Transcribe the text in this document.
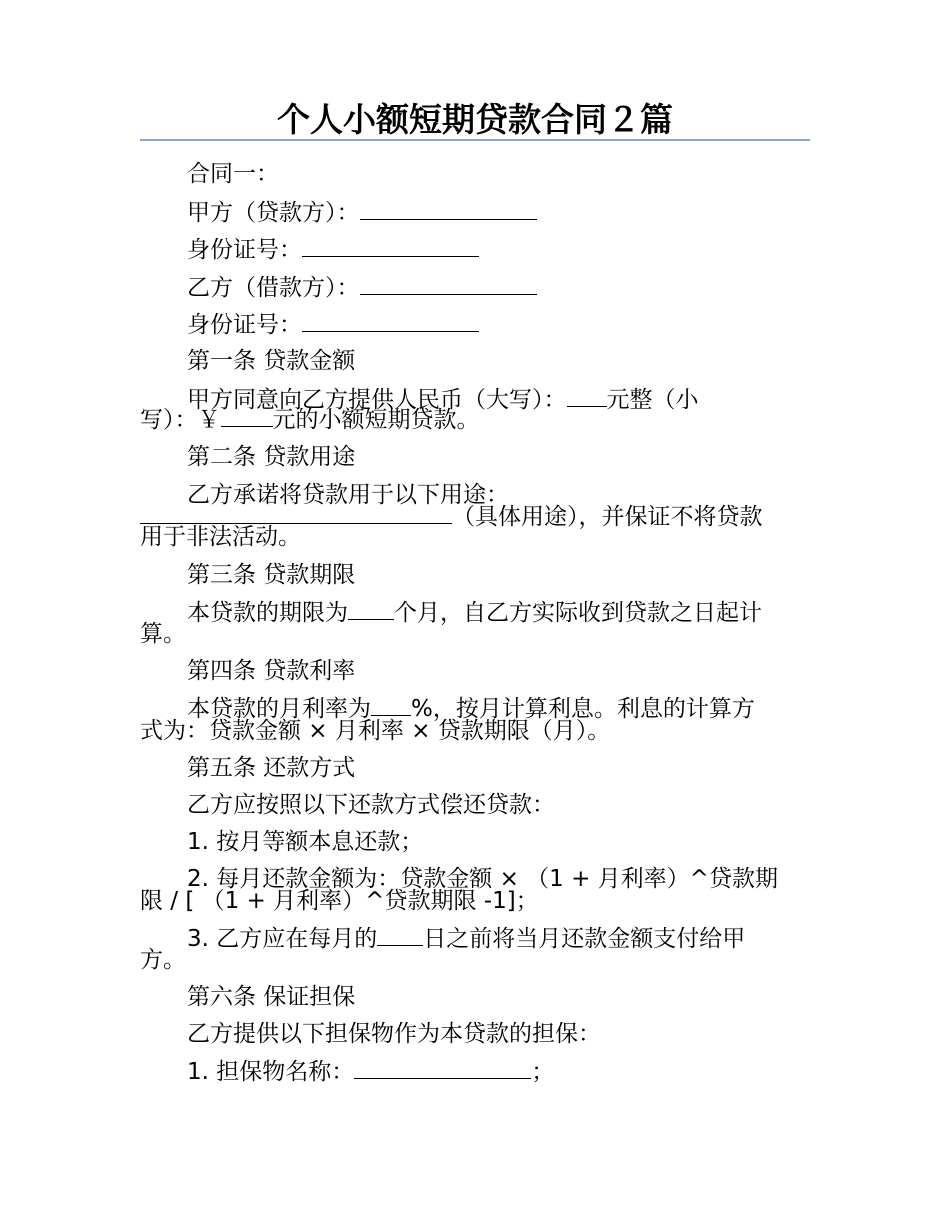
个人小额短期贷款合同２篇
合同一：
甲方（贷款方）：
身份证号：
乙方（借款方）：
身份证号：
第一条 贷款金额
甲方同意向乙方提供人民币（大写）： 元整（小
写）：￥ 元的小额短期贷款。
第二条 贷款用途
乙方承诺将贷款用于以下用途：
（具体用途），并保证不将贷款
用于非法活动。
第三条 贷款期限
本贷款的期限为 个月，自乙方实际收到贷款之日起计
算。
第四条 贷款利率
本贷款的月利率为 %，按月计算利息。利息的计算方
式为：贷款金额 × 月利率 × 贷款期限（月）。
第五条 还款方式
乙方应按照以下还款方式偿还贷款：
1. 按月等额本息还款；
2. 每月还款金额为：贷款金额 × （1 + 月利率）^贷款期
限 / [ （1 + 月利率）^贷款期限 -1]；
3. 乙方应在每月的 日之前将当月还款金额支付给甲
方。
第六条 保证担保
乙方提供以下担保物作为本贷款的担保：
1. 担保物名称：	；
